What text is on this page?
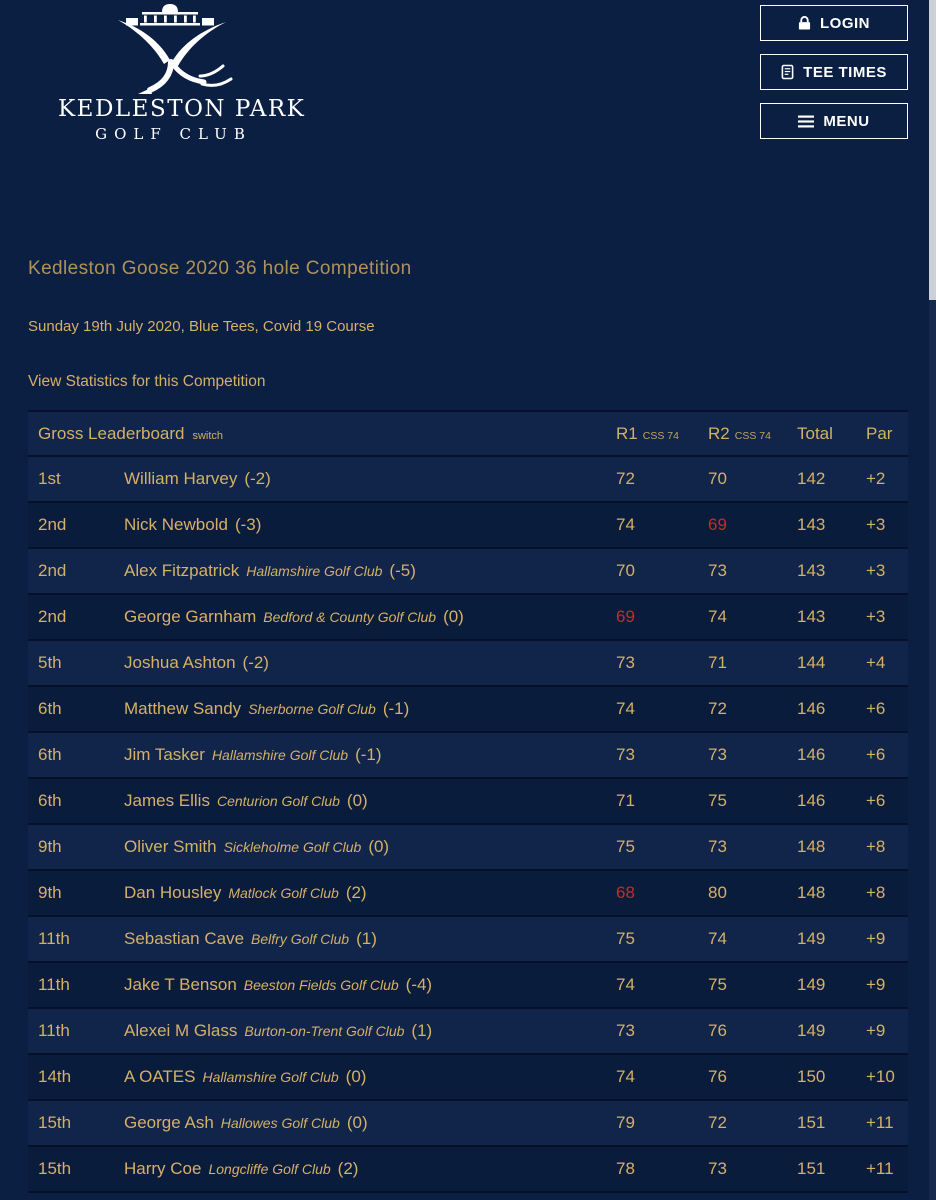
KEDLESTON PARK
GOLF CLUB
LOGIN
TEE TIMES
MENU
Kedleston Goose 2020 36 hole Competition
Sunday 19th July 2020, Blue Tees, Covid 19 Course
View Statistics for this Competition
Gross Leaderboard switch	R1 CSS 74	R2 CSS 74	Total	Par
1st	William Harvey (-2)	72	70	142	+2
2nd	Nick Newbold (-3)	74	69	143	+3
2nd	Alex Fitzpatrick Hallamshire Golf Club (-5)	70	73	143	+3
2nd	George Garnham Bedford & County Golf Club (0)	69	74	143	+3
5th	Joshua Ashton (-2)	73	71	144	+4
6th	Matthew Sandy Sherborne Golf Club (-1)	74	72	146	+6
6th	Jim Tasker Hallamshire Golf Club (-1)	73	73	146	+6
6th	James Ellis Centurion Golf Club (0)	71	75	146	+6
9th	Oliver Smith Sickleholme Golf Club (0)	75	73	148	+8
9th	Dan Housley Matlock Golf Club (2)	68	80	148	+8
11th	Sebastian Cave Belfry Golf Club (1)	75	74	149	+9
11th	Jake T Benson Beeston Fields Golf Club (-4)	74	75	149	+9
11th	Alexei M Glass Burton-on-Trent Golf Club (1)	73	76	149	+9
14th	A OATES Hallamshire Golf Club (0)	74	76	150	+10
15th	George Ash Hallowes Golf Club (0)	79	72	151	+11
15th	Harry Coe Longcliffe Golf Club (2)	78	73	151	+11
